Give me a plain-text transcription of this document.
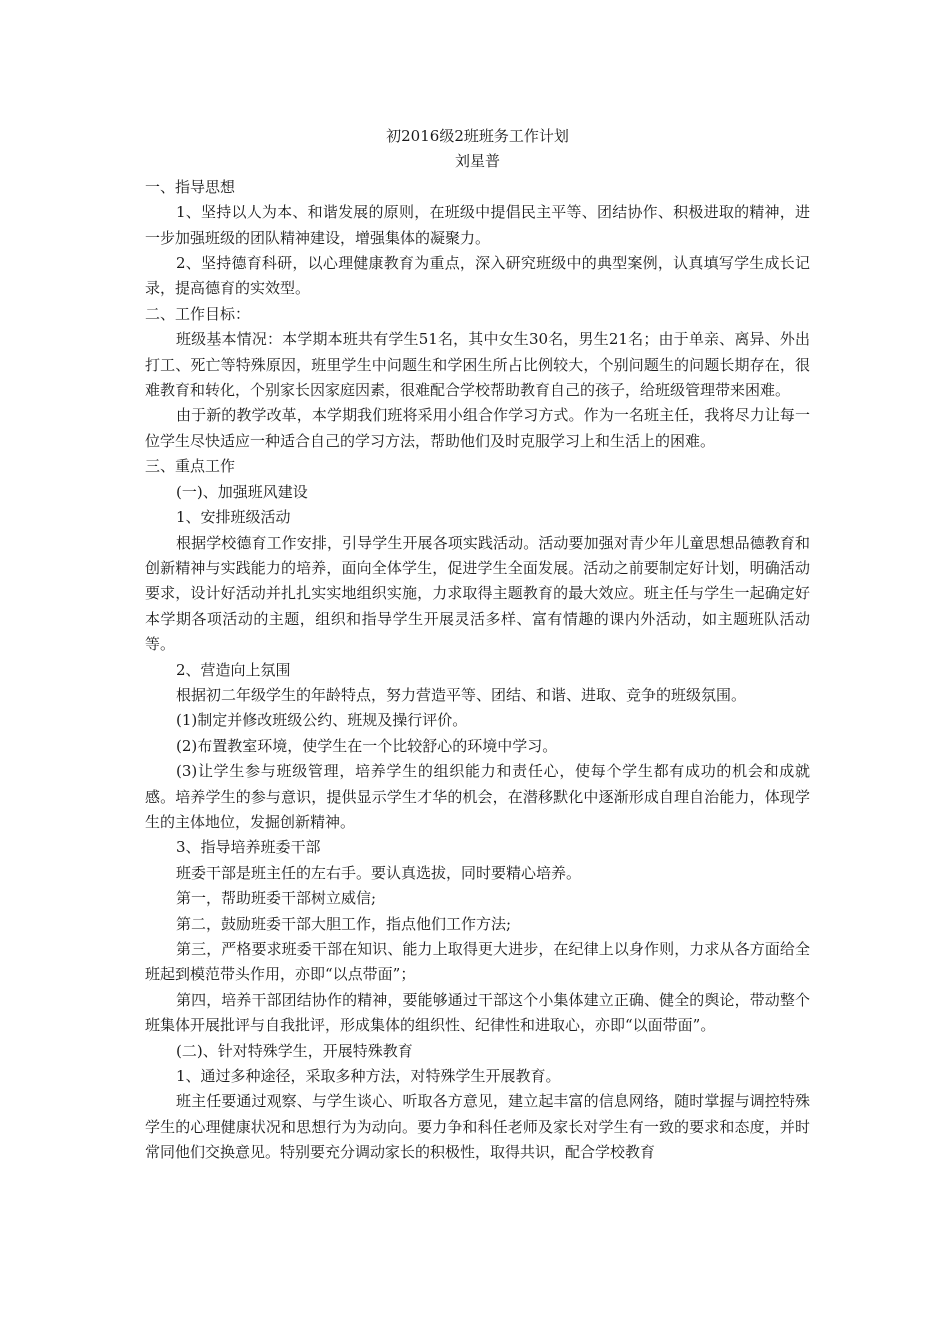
初2016级2班班务工作计划

刘星普

一、指导思想

1、坚持以人为本、和谐发展的原则，在班级中提倡民主平等、团结协作、积极进取的精神，进一步加强班级的团队精神建设，增强集体的凝聚力。

2、坚持德育科研，以心理健康教育为重点，深入研究班级中的典型案例，认真填写学生成长记录，提高德育的实效型。

二、工作目标：

班级基本情况：本学期本班共有学生51名，其中女生30名，男生21名；由于单亲、离异、外出打工、死亡等特殊原因，班里学生中问题生和学困生所占比例较大，个别问题生的问题长期存在，很难教育和转化，个别家长因家庭因素，很难配合学校帮助教育自己的孩子，给班级管理带来困难。

由于新的教学改革，本学期我们班将采用小组合作学习方式。作为一名班主任，我将尽力让每一位学生尽快适应一种适合自己的学习方法，帮助他们及时克服学习上和生活上的困难。

三、重点工作

(一)、加强班风建设

1、安排班级活动

根据学校德育工作安排，引导学生开展各项实践活动。活动要加强对青少年儿童思想品德教育和创新精神与实践能力的培养，面向全体学生，促进学生全面发展。活动之前要制定好计划，明确活动要求，设计好活动并扎扎实实地组织实施，力求取得主题教育的最大效应。班主任与学生一起确定好本学期各项活动的主题，组织和指导学生开展灵活多样、富有情趣的课内外活动，如主题班队活动等。

2、营造向上氛围

根据初二年级学生的年龄特点，努力营造平等、团结、和谐、进取、竞争的班级氛围。

(1)制定并修改班级公约、班规及操行评价。

(2)布置教室环境，使学生在一个比较舒心的环境中学习。

(3)让学生参与班级管理，培养学生的组织能力和责任心，使每个学生都有成功的机会和成就感。培养学生的参与意识，提供显示学生才华的机会，在潜移默化中逐渐形成自理自治能力，体现学生的主体地位，发掘创新精神。

3、指导培养班委干部

班委干部是班主任的左右手。要认真选拔，同时要精心培养。

第一，帮助班委干部树立威信;

第二，鼓励班委干部大胆工作，指点他们工作方法;

第三，严格要求班委干部在知识、能力上取得更大进步，在纪律上以身作则，力求从各方面给全班起到模范带头作用，亦即“以点带面”；

第四，培养干部团结协作的精神，要能够通过干部这个小集体建立正确、健全的舆论，带动整个班集体开展批评与自我批评，形成集体的组织性、纪律性和进取心，亦即“以面带面”。

(二)、针对特殊学生，开展特殊教育

1、通过多种途径，采取多种方法，对特殊学生开展教育。

班主任要通过观察、与学生谈心、听取各方意见，建立起丰富的信息网络，随时掌握与调控特殊学生的心理健康状况和思想行为为动向。要力争和科任老师及家长对学生有一致的要求和态度，并时常同他们交换意见。特别要充分调动家长的积极性，取得共识，配合学校教育
